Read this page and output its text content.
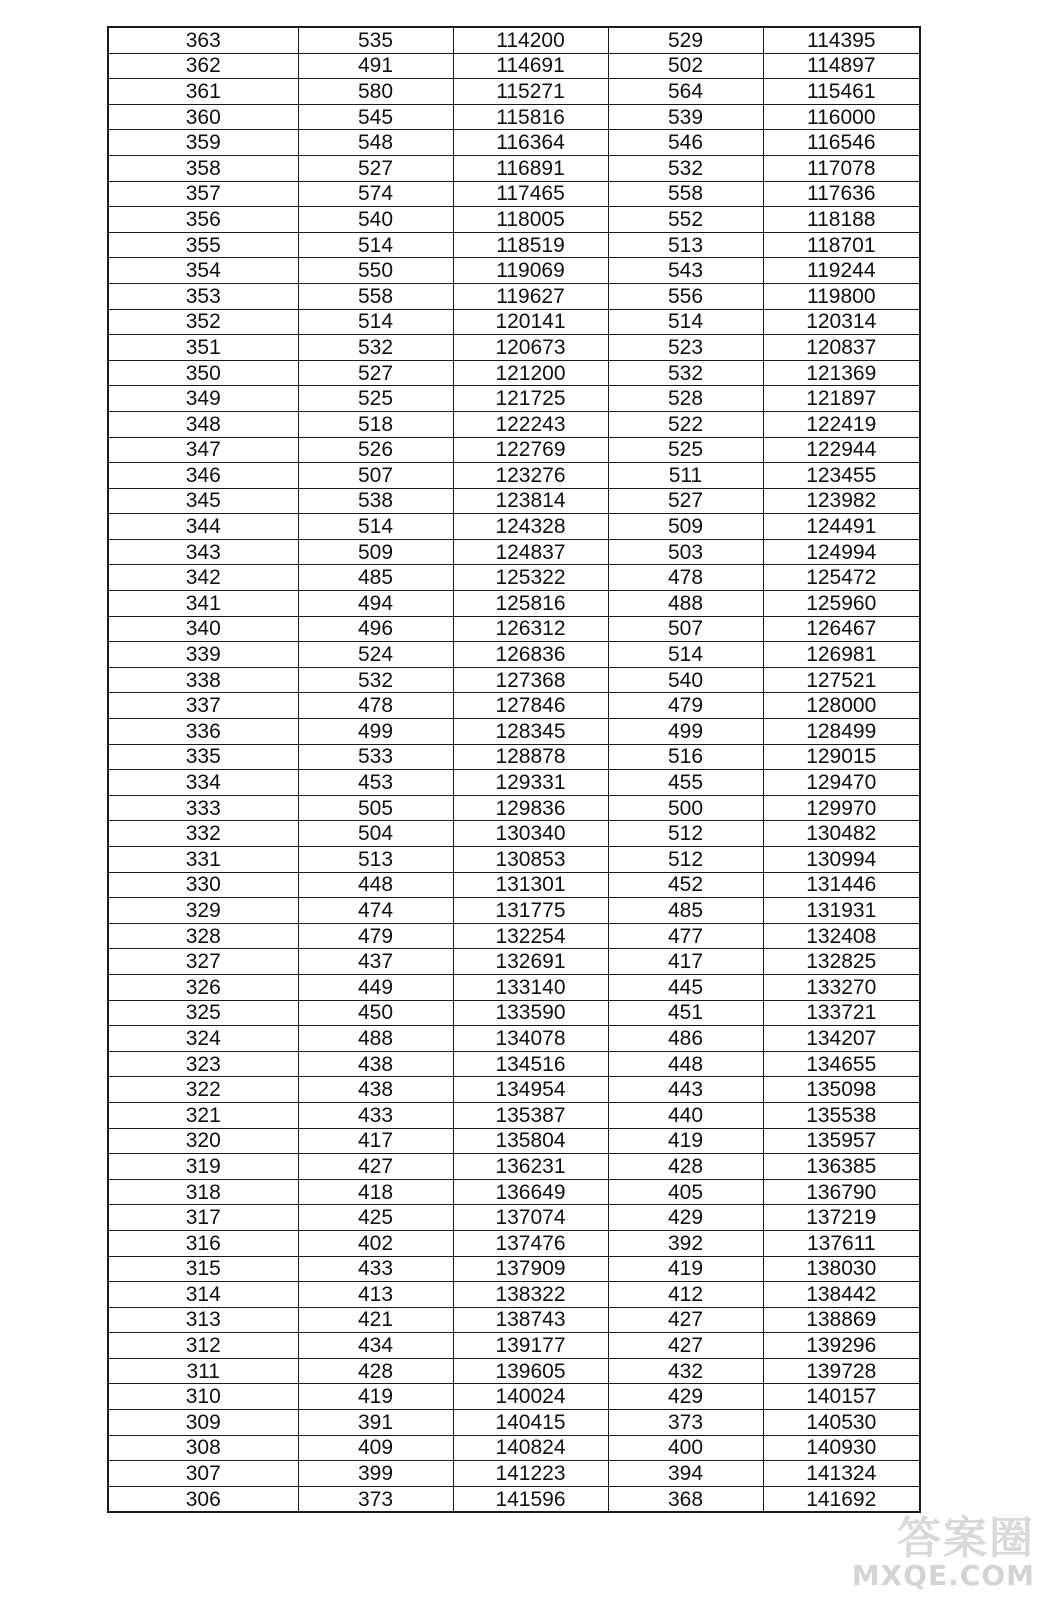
363	535	114200	529	114395
362	491	114691	502	114897
361	580	115271	564	115461
360	545	115816	539	116000
359	548	116364	546	116546
358	527	116891	532	117078
357	574	117465	558	117636
356	540	118005	552	118188
355	514	118519	513	118701
354	550	119069	543	119244
353	558	119627	556	119800
352	514	120141	514	120314
351	532	120673	523	120837
350	527	121200	532	121369
349	525	121725	528	121897
348	518	122243	522	122419
347	526	122769	525	122944
346	507	123276	511	123455
345	538	123814	527	123982
344	514	124328	509	124491
343	509	124837	503	124994
342	485	125322	478	125472
341	494	125816	488	125960
340	496	126312	507	126467
339	524	126836	514	126981
338	532	127368	540	127521
337	478	127846	479	128000
336	499	128345	499	128499
335	533	128878	516	129015
334	453	129331	455	129470
333	505	129836	500	129970
332	504	130340	512	130482
331	513	130853	512	130994
330	448	131301	452	131446
329	474	131775	485	131931
328	479	132254	477	132408
327	437	132691	417	132825
326	449	133140	445	133270
325	450	133590	451	133721
324	488	134078	486	134207
323	438	134516	448	134655
322	438	134954	443	135098
321	433	135387	440	135538
320	417	135804	419	135957
319	427	136231	428	136385
318	418	136649	405	136790
317	425	137074	429	137219
316	402	137476	392	137611
315	433	137909	419	138030
314	413	138322	412	138442
313	421	138743	427	138869
312	434	139177	427	139296
311	428	139605	432	139728
310	419	140024	429	140157
309	391	140415	373	140530
308	409	140824	400	140930
307	399	141223	394	141324
306	373	141596	368	141692
答案圈
MXQE.COM
